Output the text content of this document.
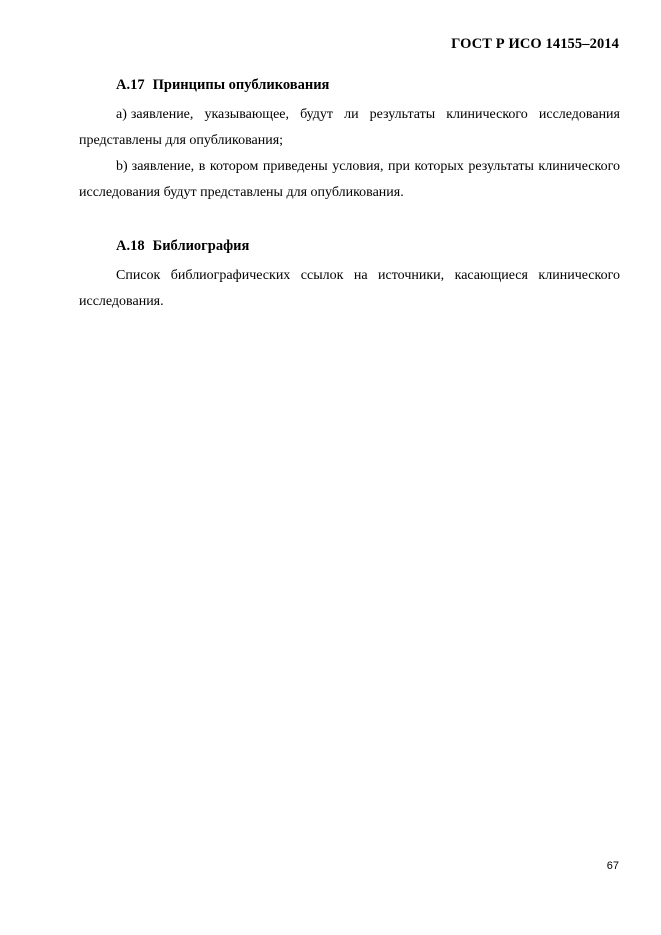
ГОСТ Р ИСО 14155–2014
A.17 Принципы опубликования

a) заявление, указывающее, будут ли результаты клинического исследования представлены для опубликования;

b) заявление, в котором приведены условия, при которых результаты клинического исследования будут представлены для опубликования.

A.18 Библиография

Список библиографических ссылок на источники, касающиеся клинического исследования.

67
